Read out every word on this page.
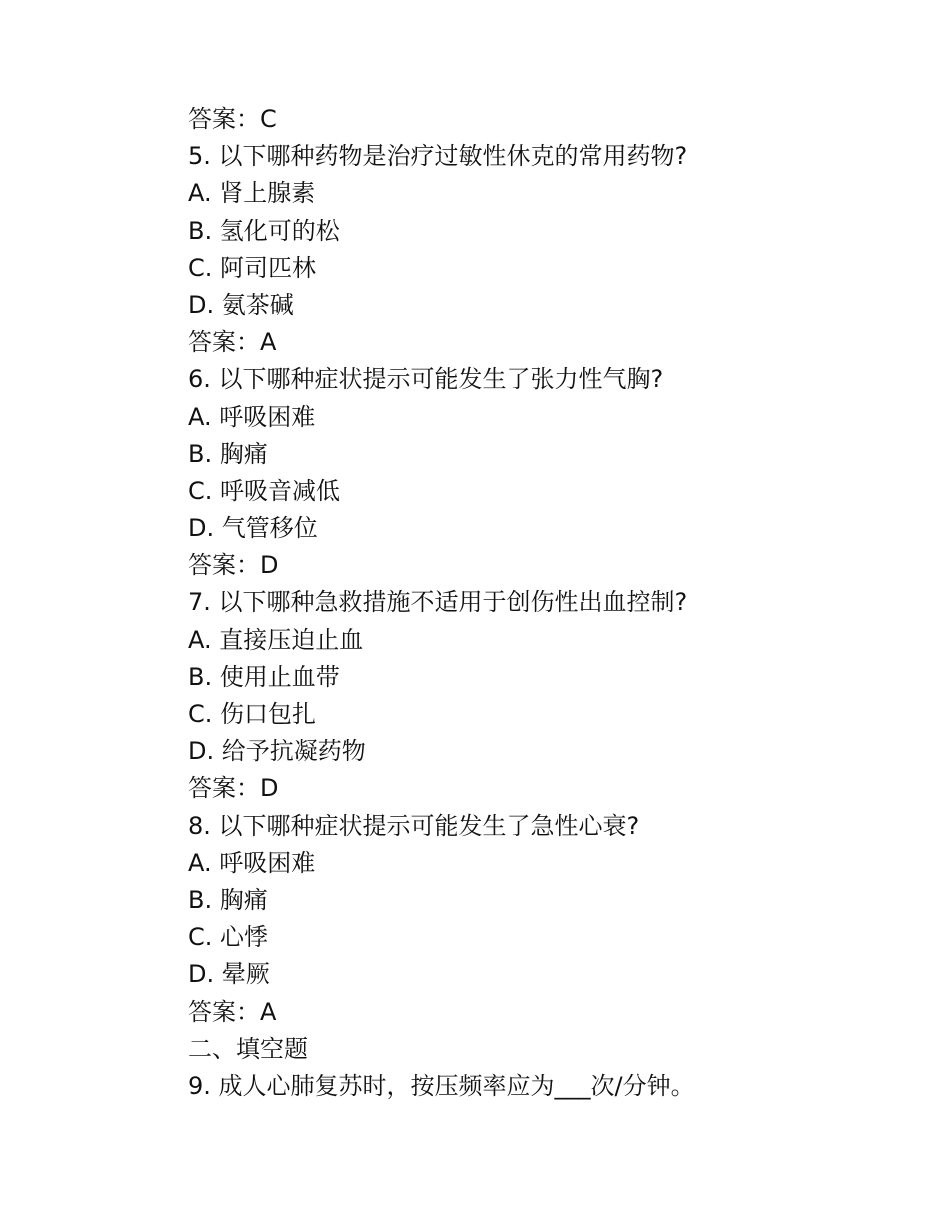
答案：C
5. 以下哪种药物是治疗过敏性休克的常用药物?
A. 肾上腺素
B. 氢化可的松
C. 阿司匹林
D. 氨茶碱
答案：A
6. 以下哪种症状提示可能发生了张力性气胸?
A. 呼吸困难
B. 胸痛
C. 呼吸音减低
D. 气管移位
答案：D
7. 以下哪种急救措施不适用于创伤性出血控制?
A. 直接压迫止血
B. 使用止血带
C. 伤口包扎
D. 给予抗凝药物
答案：D
8. 以下哪种症状提示可能发生了急性心衰?
A. 呼吸困难
B. 胸痛
C. 心悸
D. 晕厥
答案：A
二、填空题
9. 成人心肺复苏时，按压频率应为___次/分钟。
